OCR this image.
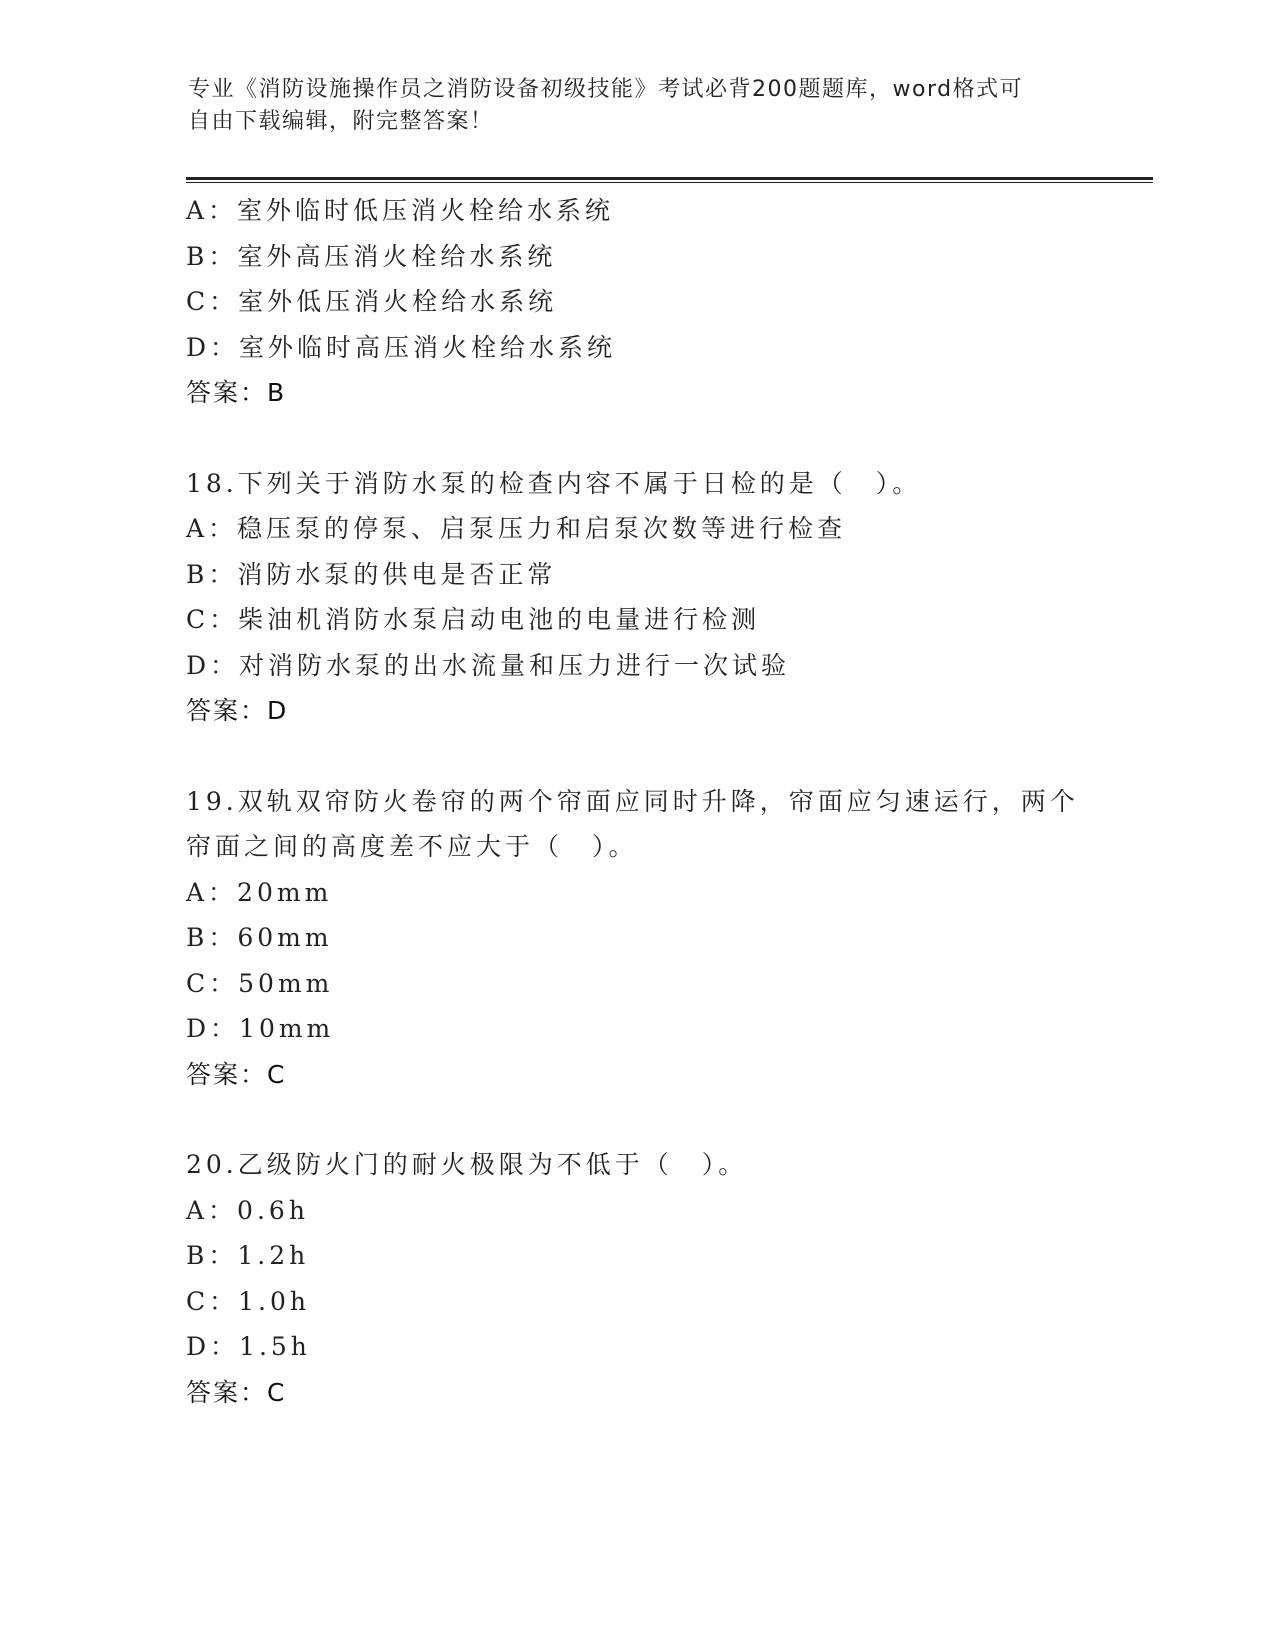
专业《消防设施操作员之消防设备初级技能》考试必背200题题库，word格式可
自由下载编辑，附完整答案！
A：室外临时低压消火栓给水系统
B：室外高压消火栓给水系统
C：室外低压消火栓给水系统
D：室外临时高压消火栓给水系统
答案：B
18.下列关于消防水泵的检查内容不属于日检的是（　）。
A：稳压泵的停泵、启泵压力和启泵次数等进行检查
B：消防水泵的供电是否正常
C：柴油机消防水泵启动电池的电量进行检测
D：对消防水泵的出水流量和压力进行一次试验
答案：D
19.双轨双帘防火卷帘的两个帘面应同时升降，帘面应匀速运行，两个
帘面之间的高度差不应大于（　）。
A：20mm
B：60mm
C：50mm
D：10mm
答案：C
20.乙级防火门的耐火极限为不低于（　）。
A：0.6h
B：1.2h
C：1.0h
D：1.5h
答案：C
